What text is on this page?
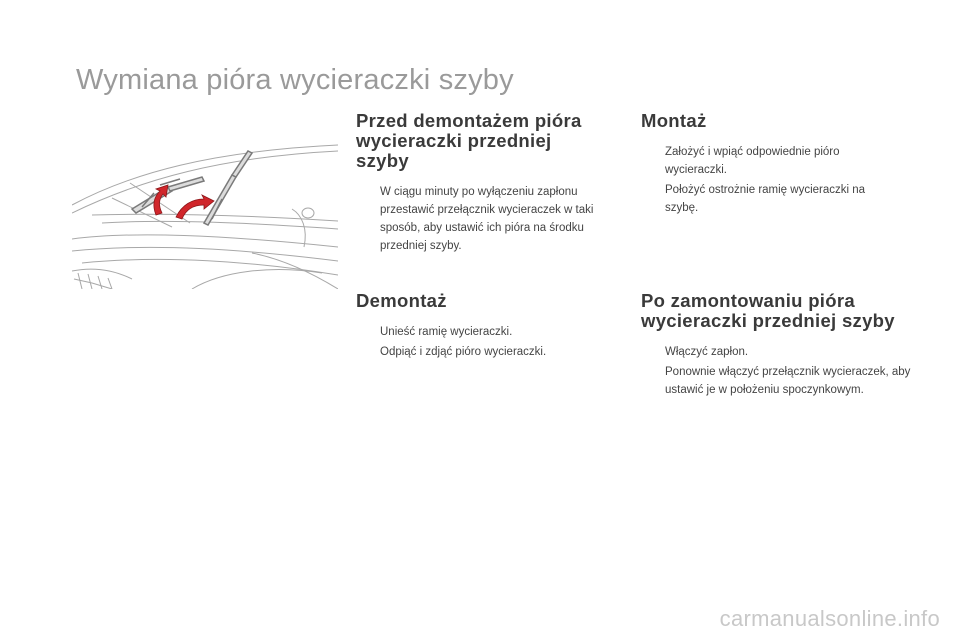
Wymiana pióra wycieraczki szyby
Przed demontażem pióra
wycieraczki przedniej szyby
W ciągu minuty po wyłączeniu zapłonu przestawić przełącznik wycieraczek w taki sposób, aby ustawić ich pióra na środku przedniej szyby.
Demontaż
Unieść ramię wycieraczki.
Odpiąć i zdjąć pióro wycieraczki.
Montaż
Założyć i wpiąć odpowiednie pióro wycieraczki.
Położyć ostrożnie ramię wycieraczki na szybę.
Po zamontowaniu pióra
wycieraczki przedniej szyby
Włączyć zapłon.
Ponownie włączyć przełącznik wycieraczek, aby ustawić je w położeniu spoczynkowym.
carmanualsonline.info
